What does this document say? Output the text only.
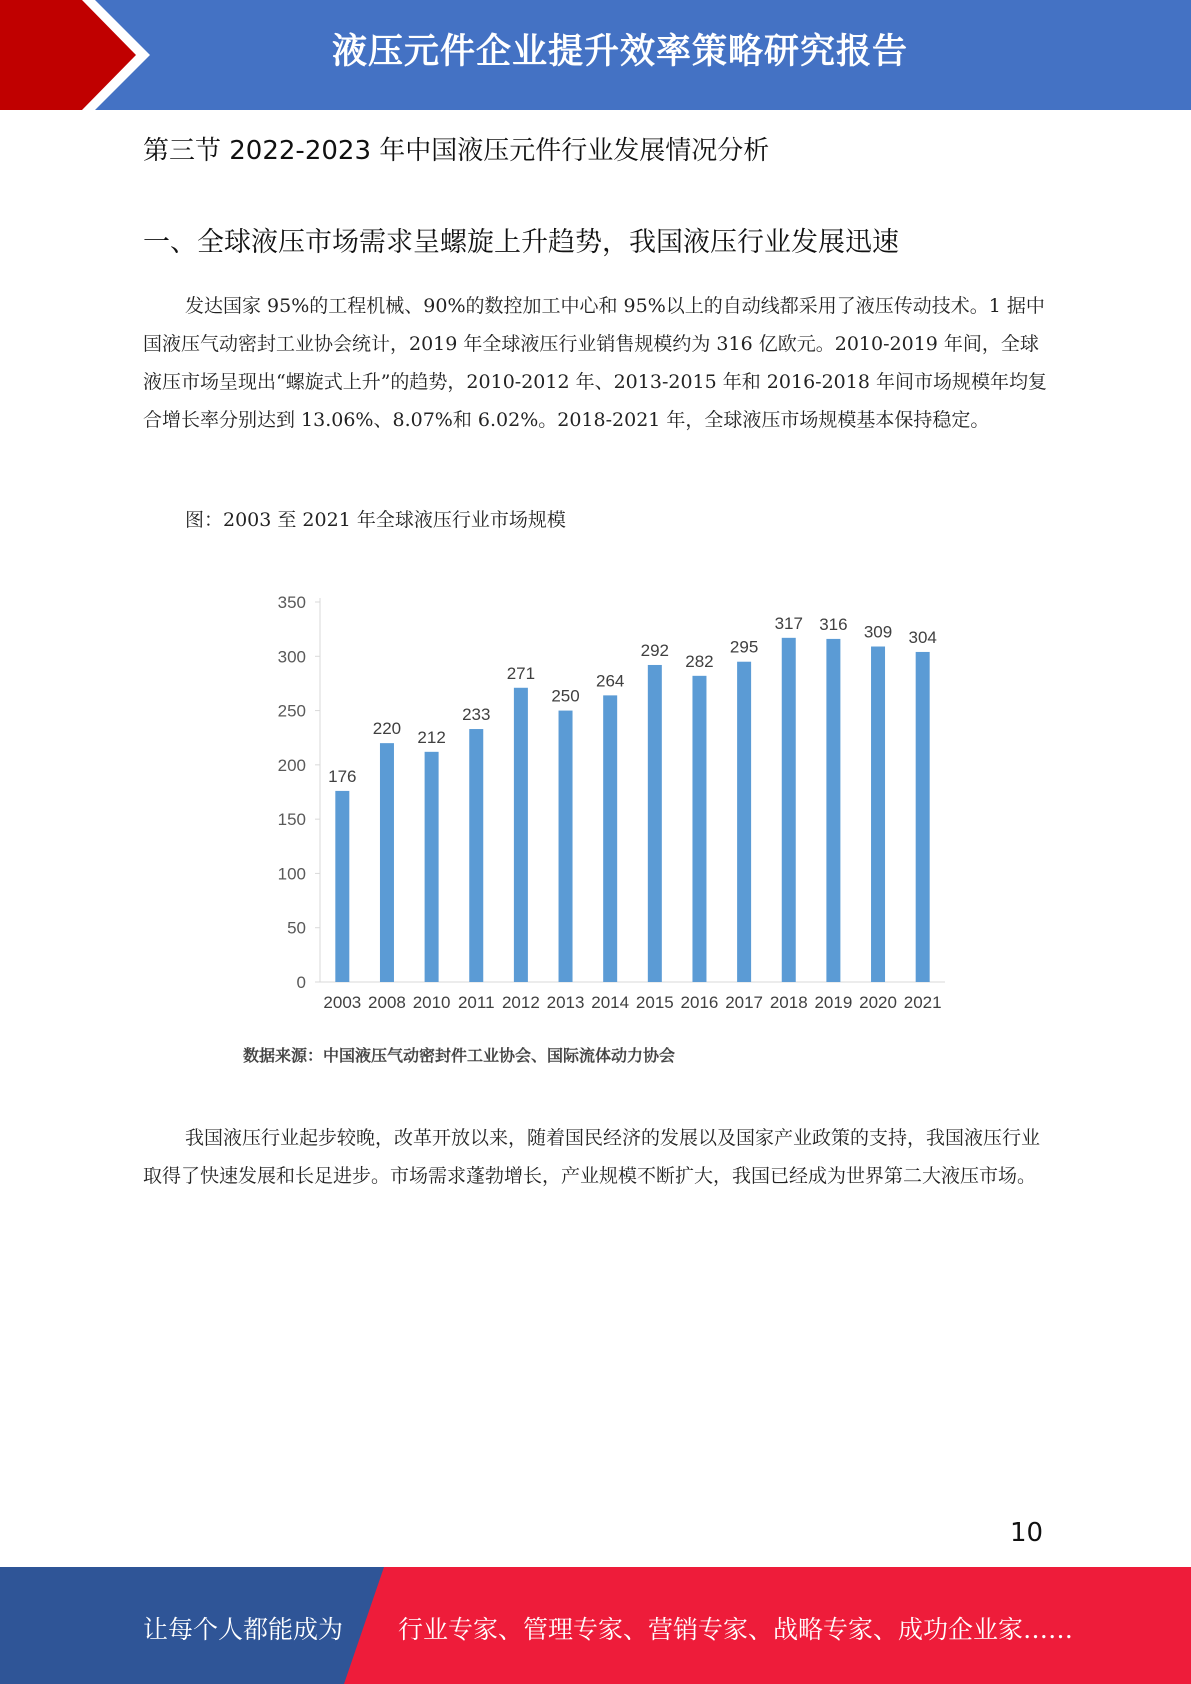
液压元件企业提升效率策略研究报告
第三节 2022-2023 年中国液压元件行业发展情况分析
一、全球液压市场需求呈螺旋上升趋势，我国液压行业发展迅速

发达国家 95%的工程机械、90%的数控加工中心和 95%以上的自动线都采用了液压传动技术。1 据中国液压气动密封工业协会统计，2019 年全球液压行业销售规模约为 316 亿欧元。2010-2019 年间，全球液压市场呈现出“螺旋式上升”的趋势，2010-2012 年、2013-2015 年和 2016-2018 年间市场规模年均复合增长率分别达到 13.06%、8.07%和 6.02%。2018-2021 年，全球液压市场规模基本保持稳定。

图：2003 至 2021 年全球液压行业市场规模
0
50
100
150
200
250
300
350
176
2003
220
2008
212
2010
233
2011
271
2012
250
2013
264
2014
292
2015
282
2016
295
2017
317
2018
316
2019
309
2020
304
2021
数据来源：中国液压气动密封件工业协会、国际流体动力协会

我国液压行业起步较晚，改革开放以来，随着国民经济的发展以及国家产业政策的支持，我国液压行业取得了快速发展和长足进步。市场需求蓬勃增长，产业规模不断扩大，我国已经成为世界第二大液压市场。

10
让每个人都能成为 行业专家、管理专家、营销专家、战略专家、成功企业家……
